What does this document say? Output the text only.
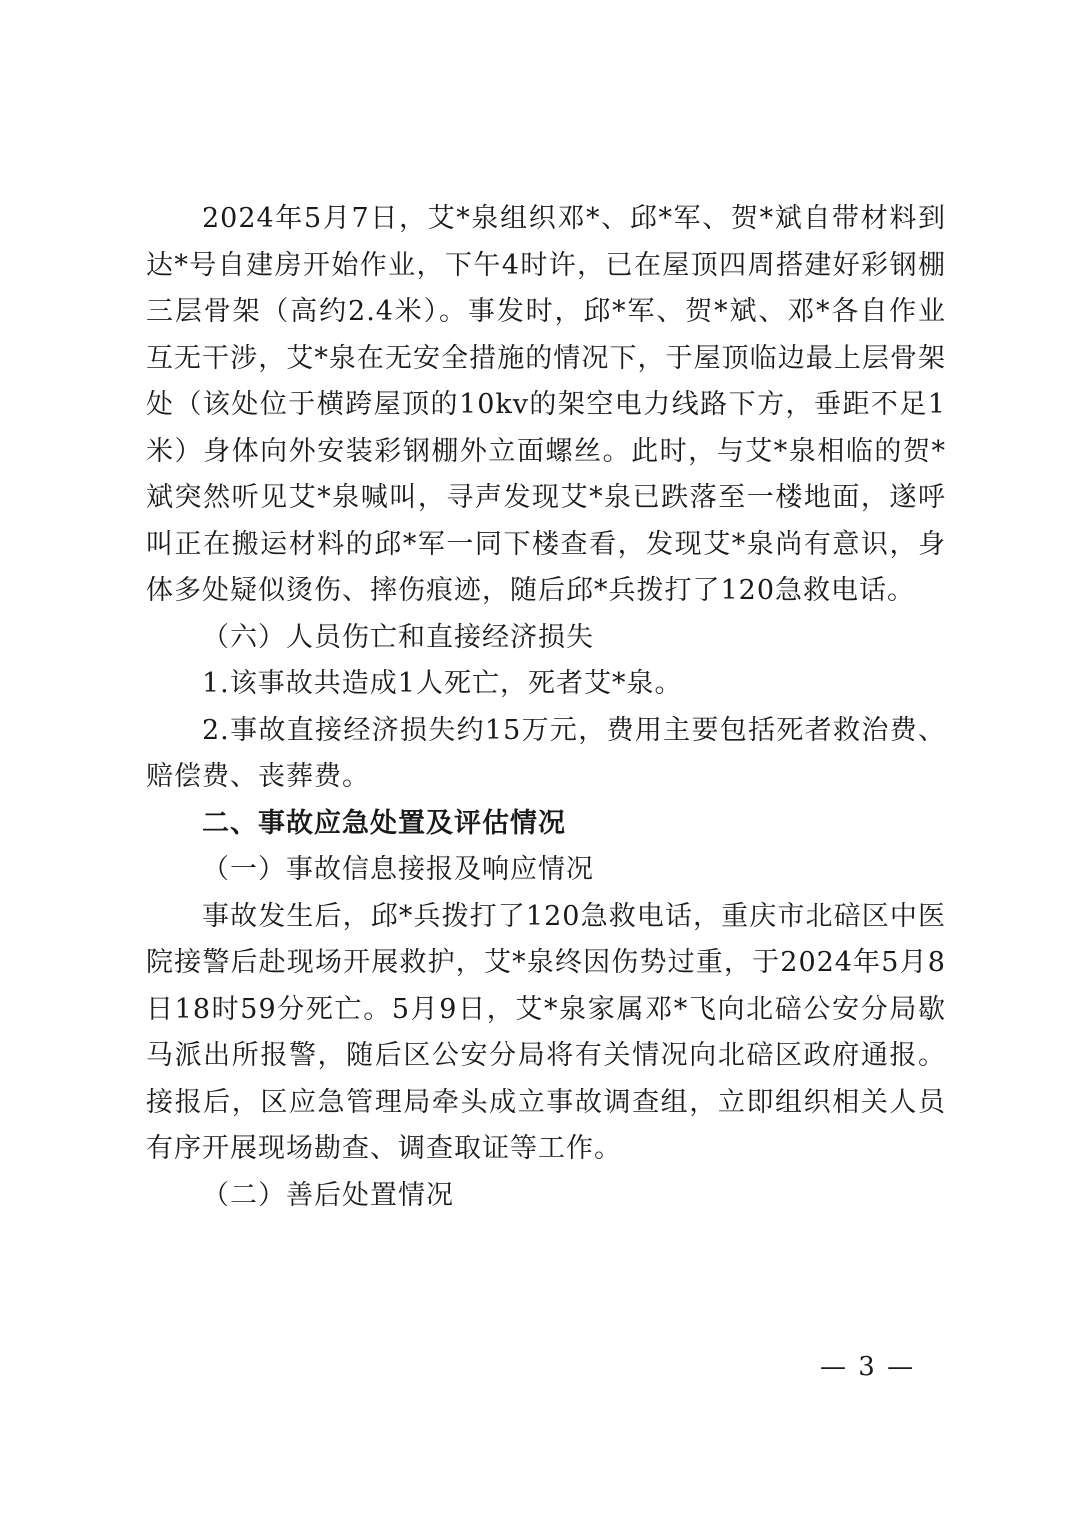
2024年5月7日，艾*泉组织邓*、邱*军、贺*斌自带材料到达*号自建房开始作业，下午4时许，已在屋顶四周搭建好彩钢棚三层骨架（高约2.4米）。事发时，邱*军、贺*斌、邓*各自作业互无干涉，艾*泉在无安全措施的情况下，于屋顶临边最上层骨架处（该处位于横跨屋顶的10kv的架空电力线路下方，垂距不足1米）身体向外安装彩钢棚外立面螺丝。此时，与艾*泉相临的贺*斌突然听见艾*泉喊叫，寻声发现艾*泉已跌落至一楼地面，遂呼叫正在搬运材料的邱*军一同下楼查看，发现艾*泉尚有意识，身体多处疑似烫伤、摔伤痕迹，随后邱*兵拨打了120急救电话。

（六）人员伤亡和直接经济损失

1.该事故共造成1人死亡，死者艾*泉。

2.事故直接经济损失约15万元，费用主要包括死者救治费、赔偿费、丧葬费。

二、事故应急处置及评估情况

（一）事故信息接报及响应情况

事故发生后，邱*兵拨打了120急救电话，重庆市北碚区中医院接警后赴现场开展救护，艾*泉终因伤势过重，于2024年5月8日18时59分死亡。5月9日，艾*泉家属邓*飞向北碚公安分局歇马派出所报警，随后区公安分局将有关情况向北碚区政府通报。接报后，区应急管理局牵头成立事故调查组，立即组织相关人员有序开展现场勘查、调查取证等工作。

（二）善后处置情况

— 3 —
